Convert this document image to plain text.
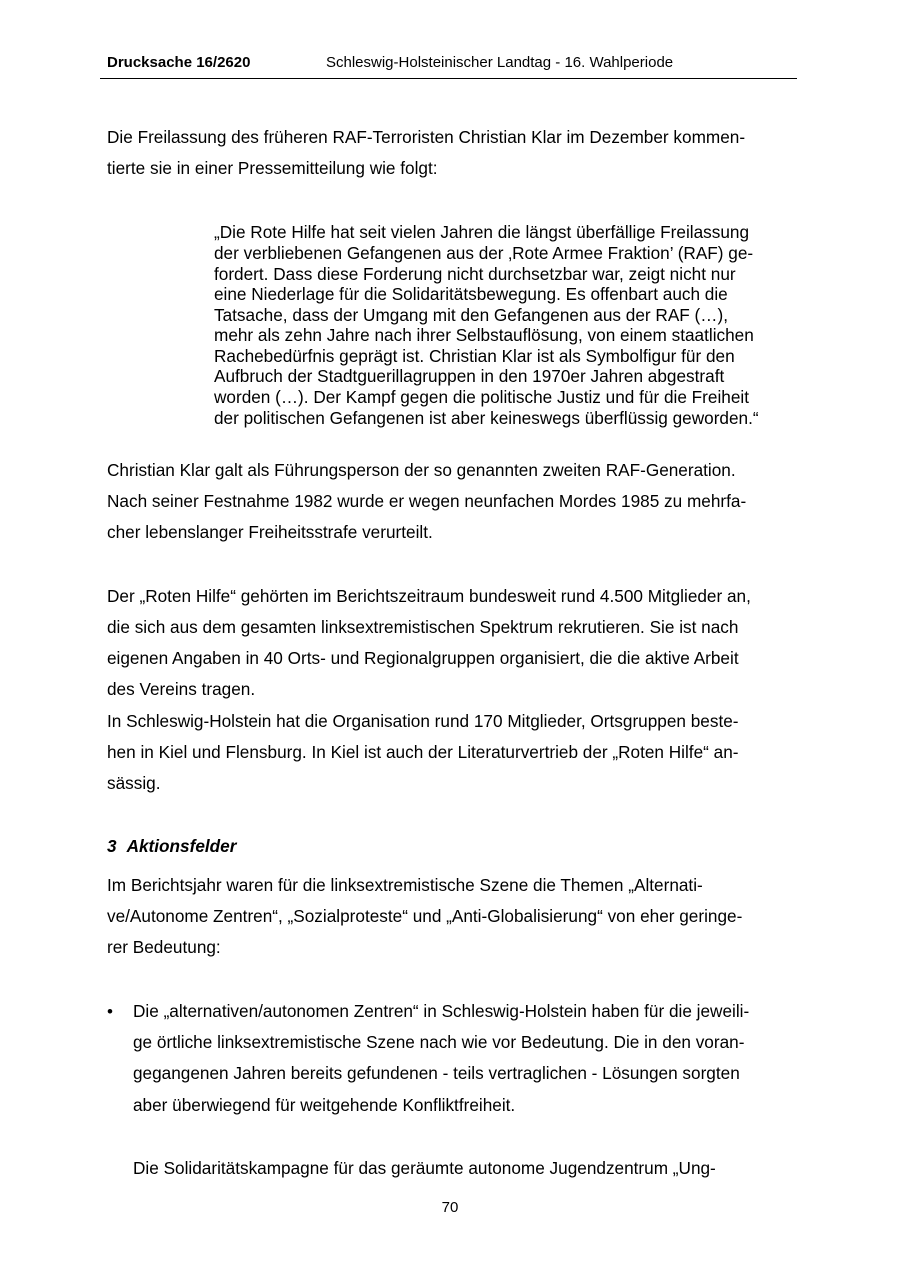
Drucksache 16/2620	Schleswig-Holsteinischer Landtag - 16. Wahlperiode
Die Freilassung des früheren RAF-Terroristen Christian Klar im Dezember kommen-
tierte sie in einer Pressemitteilung wie folgt:
„Die Rote Hilfe hat seit vielen Jahren die längst überfällige Freilassung
der verbliebenen Gefangenen aus der ‚Rote Armee Fraktion’ (RAF) ge-
fordert. Dass diese Forderung nicht durchsetzbar war, zeigt nicht nur
eine Niederlage für die Solidaritätsbewegung. Es offenbart auch die
Tatsache, dass der Umgang mit den Gefangenen aus der RAF (…),
mehr als zehn Jahre nach ihrer Selbstauflösung, von einem staatlichen
Rachebedürfnis geprägt ist. Christian Klar ist als Symbolfigur für den
Aufbruch der Stadtguerillagruppen in den 1970er Jahren abgestraft
worden (…). Der Kampf gegen die politische Justiz und für die Freiheit
der politischen Gefangenen ist aber keineswegs überflüssig geworden.“
Christian Klar galt als Führungsperson der so genannten zweiten RAF-Generation.
Nach seiner Festnahme 1982 wurde er wegen neunfachen Mordes 1985 zu mehrfa-
cher lebenslanger Freiheitsstrafe verurteilt.
Der „Roten Hilfe“ gehörten im Berichtszeitraum bundesweit rund 4.500 Mitglieder an,
die sich aus dem gesamten linksextremistischen Spektrum rekrutieren. Sie ist nach
eigenen Angaben in 40 Orts- und Regionalgruppen organisiert, die die aktive Arbeit
des Vereins tragen.
In Schleswig-Holstein hat die Organisation rund 170 Mitglieder, Ortsgruppen beste-
hen in Kiel und Flensburg. In Kiel ist auch der Literaturvertrieb der „Roten Hilfe“ an-
sässig.
3 Aktionsfelder
Im Berichtsjahr waren für die linksextremistische Szene die Themen „Alternati-
ve/Autonome Zentren“, „Sozialproteste“ und „Anti-Globalisierung“ von eher geringe-
rer Bedeutung:
• Die „alternativen/autonomen Zentren“ in Schleswig-Holstein haben für die jeweili-
ge örtliche linksextremistische Szene nach wie vor Bedeutung. Die in den voran-
gegangenen Jahren bereits gefundenen - teils vertraglichen - Lösungen sorgten
aber überwiegend für weitgehende Konfliktfreiheit.
Die Solidaritätskampagne für das geräumte autonome Jugendzentrum „Ung-
70
